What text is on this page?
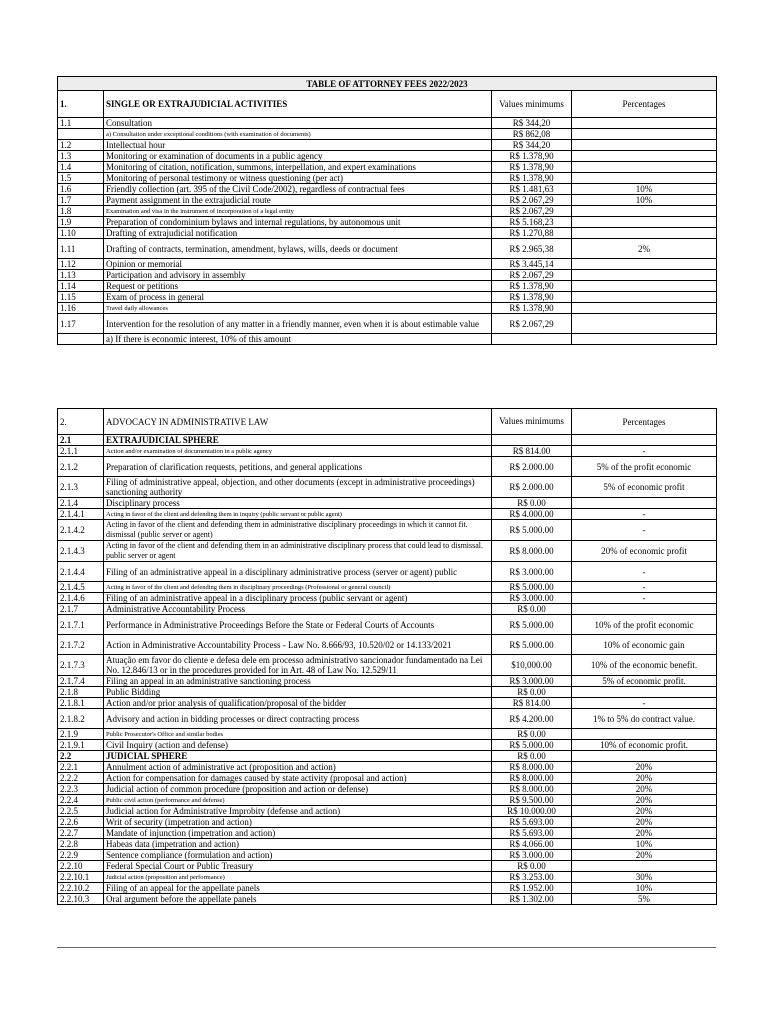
TABLE OF ATTORNEY FEES 2022/2023			
1.	SINGLE OR EXTRAJUDICIAL ACTIVITIES	Values minimums	Percentages
1.1	Consultation	R$ 344,20	
	a) Consultation under exceptional conditions (with examination of documents)	R$ 862,08	
1.2	Intellectual hour	R$ 344,20	
1.3	Monitoring or examination of documents in a public agency	R$ 1.378,90	
1.4	Monitoring of citation, notification, summons, interpellation, and expert examinations	R$ 1.378,90	
1.5	Monitoring of personal testimony or witness questioning (per act)	R$ 1.378,90	
1.6	Friendly collection (art. 395 of the Civil Code/2002), regardless of contractual fees	R$ 1.481,63	10%
1.7	Payment assignment in the extrajudicial route	R$ 2.067,29	10%
1.8	Examination and visa in the instrument of incorporation of a legal entity	R$ 2.067,29	
1.9	Preparation of condominium bylaws and internal regulations, by autonomous unit	R$ 5.168,23	
1.10	Drafting of extrajudicial notification	R$ 1.270,88	
1.11	Drafting of contracts, termination, amendment, bylaws, wills, deeds or document	R$ 2.965,38	2%
1.12	Opinion or memorial	R$ 3.445,14	
1.13	Participation and advisory in assembly	R$ 2.067,29	
1.14	Request or petitions	R$ 1.378,90	
1.15	Exam of process in general	R$ 1.378,90	
1.16	Travel daily allowances	R$ 1.378,90	
1.17	Intervention for the resolution of any matter in a friendly manner, even when it is about estimable value	R$ 2.067,29	
	a) If there is economic interest, 10% of this amount		
2.	ADVOCACY IN ADMINISTRATIVE LAW	Values minimums	Percentages
2.1	EXTRAJUDICIAL SPHERE		
2.1.1	Action and/or examination of documentation in a public agency	R$ 814.00	-
2.1.2	Preparation of clarification requests, petitions, and general applications	R$ 2.000.00	5% of the profit economic
2.1.3	Filing of administrative appeal, objection, and other documents (except in administrative proceedings) sanctioning authority	R$ 2.000.00	5% of economic profit
2.1.4	Disciplinary process	R$ 0.00	
2.1.4.1	Acting in favor of the client and defending them in inquiry (public servant or public agent)	R$ 4.000.00	-
2.1.4.2	Acting in favor of the client and defending them in administrative disciplinary proceedings in which it cannot fit. dismissal (public server or agent)	R$ 5.000.00	-
2.1.4.3	Acting in favor of the client and defending them in an administrative disciplinary process that could lead to dismissal. public server or agent	R$ 8.000.00	20% of economic profit
2.1.4.4	Filing of an administrative appeal in a disciplinary administrative process (server or agent) public	R$ 3.000.00	-
2.1.4.5	Acting in favor of the client and defending them in disciplinary proceedings (Professional or general council)	R$ 5.000.00	-
2.1.4.6	Filing of an administrative appeal in a disciplinary process (public servant or agent)	R$ 3.000.00	-
2.1.7	Administrative Accountability Process	R$ 0.00	
2.1.7.1	Performance in Administrative Proceedings Before the State or Federal Courts of Accounts	R$ 5.000.00	10% of the profit economic
2.1.7.2	Action in Administrative Accountability Process - Law No. 8.666/93, 10.520/02 or 14.133/2021	R$ 5.000.00	10% of economic gain
2.1.7.3	Atuação em favor do cliente e defesa dele em processo administrativo sancionador fundamentado na Lei No. 12.846/13 or in the procedures provided for in Art. 48 of Law No. 12.529/11	$10,000.00	10% of the economic benefit.
2.1.7.4	Filing an appeal in an administrative sanctioning process	R$ 3.000.00	5% of economic profit.
2.1.8	Public Bidding	R$ 0.00	
2.1.8.1	Action and/or prior analysis of qualification/proposal of the bidder	R$ 814.00	-
2.1.8.2	Advisory and action in bidding processes or direct contracting process	R$ 4.200.00	1% to 5% do contract value.
2.1.9	Public Prosecutor's Office and similar bodies	R$ 0.00	
2.1.9.1	Civil Inquiry (action and defense)	R$ 5.000.00	10% of economic profit.
2.2	JUDICIAL SPHERE	R$ 0.00	
2.2.1	Annulment action of administrative act (proposition and action)	R$ 8.000.00	20%
2.2.2	Action for compensation for damages caused by state activity (proposal and action)	R$ 8.000.00	20%
2.2.3	Judicial action of common procedure (proposition and action or defense)	R$ 8.000.00	20%
2.2.4	Public civil action (performance and defense)	R$ 9.500.00	20%
2.2.5	Judicial action for Administrative Improbity (defense and action)	R$ 10.000.00	20%
2.2.6	Writ of security (impetration and action)	R$ 5.693.00	20%
2.2.7	Mandate of injunction (impetration and action)	R$ 5.693.00	20%
2.2.8	Habeas data (impetration and action)	R$ 4.066.00	10%
2.2.9	Sentence compliance (formulation and action)	R$ 3.000.00	20%
2.2.10	Federal Special Court or Public Treasury	R$ 0.00	
2.2.10.1	Judicial action (proposition and performance)	R$ 3.253.00	30%
2.2.10.2	Filing of an appeal for the appellate panels	R$ 1.952.00	10%
2.2.10.3	Oral argument before the appellate panels	R$ 1.302.00	5%
